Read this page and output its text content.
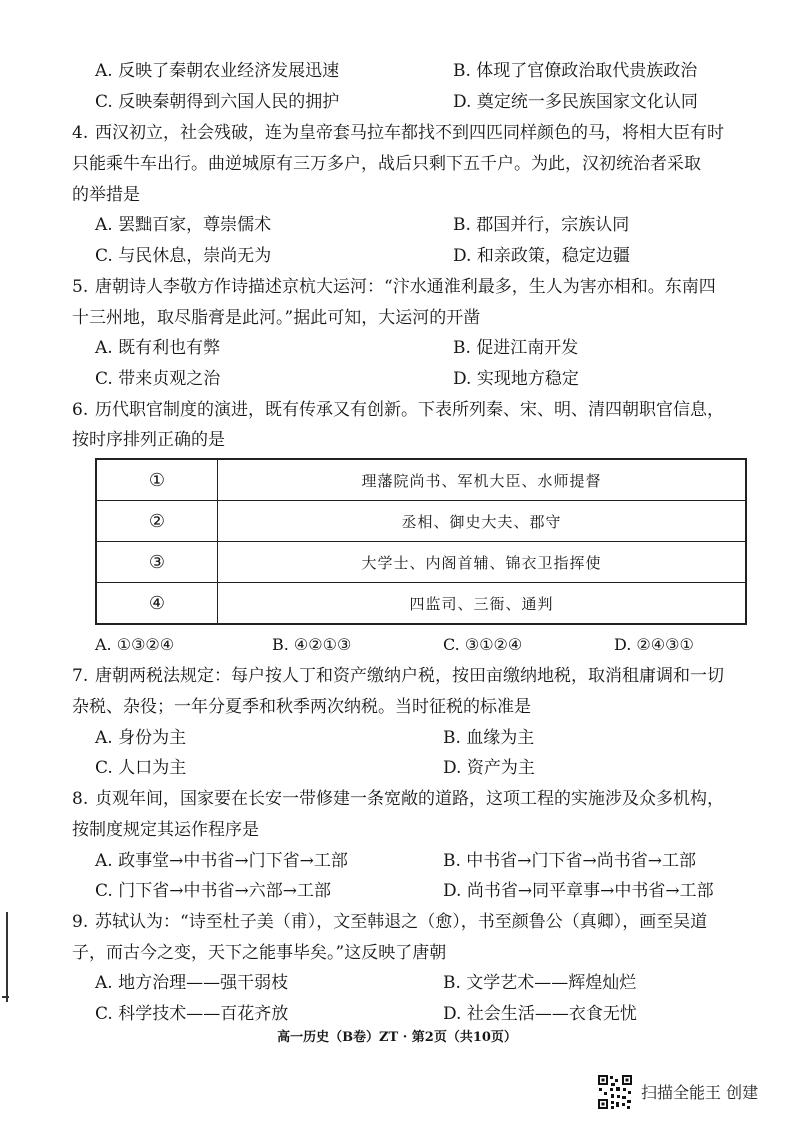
A. 反映了秦朝农业经济发展迅速	B. 体现了官僚政治取代贵族政治
C. 反映秦朝得到六国人民的拥护	D. 奠定统一多民族国家文化认同
4. 西汉初立，社会残破，连为皇帝套马拉车都找不到四匹同样颜色的马，将相大臣有时
只能乘牛车出行。曲逆城原有三万多户，战后只剩下五千户。为此，汉初统治者采取
的举措是
A. 罢黜百家，尊崇儒术	B. 郡国并行，宗族认同
C. 与民休息，崇尚无为	D. 和亲政策，稳定边疆
5. 唐朝诗人李敬方作诗描述京杭大运河：“汴水通淮利最多，生人为害亦相和。东南四
十三州地，取尽脂膏是此河。”据此可知，大运河的开凿
A. 既有利也有弊	B. 促进江南开发
C. 带来贞观之治	D. 实现地方稳定
6. 历代职官制度的演进，既有传承又有创新。下表所列秦、宋、明、清四朝职官信息，
按时序排列正确的是
①	理藩院尚书、军机大臣、水师提督
②	丞相、御史大夫、郡守
③	大学士、内阁首辅、锦衣卫指挥使
④	四监司、三衙、通判
A. ①③②④	B. ④②①③	C. ③①②④	D. ②④③①
7. 唐朝两税法规定：每户按人丁和资产缴纳户税，按田亩缴纳地税，取消租庸调和一切
杂税、杂役；一年分夏季和秋季两次纳税。当时征税的标准是
A. 身份为主	B. 血缘为主
C. 人口为主	D. 资产为主
8. 贞观年间，国家要在长安一带修建一条宽敞的道路，这项工程的实施涉及众多机构，
按制度规定其运作程序是
A. 政事堂→中书省→门下省→工部	B. 中书省→门下省→尚书省→工部
C. 门下省→中书省→六部→工部	D. 尚书省→同平章事→中书省→工部
9. 苏轼认为：“诗至杜子美（甫），文至韩退之（愈），书至颜鲁公（真卿），画至吴道
子，而古今之变，天下之能事毕矣。”这反映了唐朝
A. 地方治理——强干弱枝	B. 文学艺术——辉煌灿烂
C. 科学技术——百花齐放	D. 社会生活——衣食无忧
高一历史（B卷）ZT · 第2页（共10页）
扫描全能王 创建
